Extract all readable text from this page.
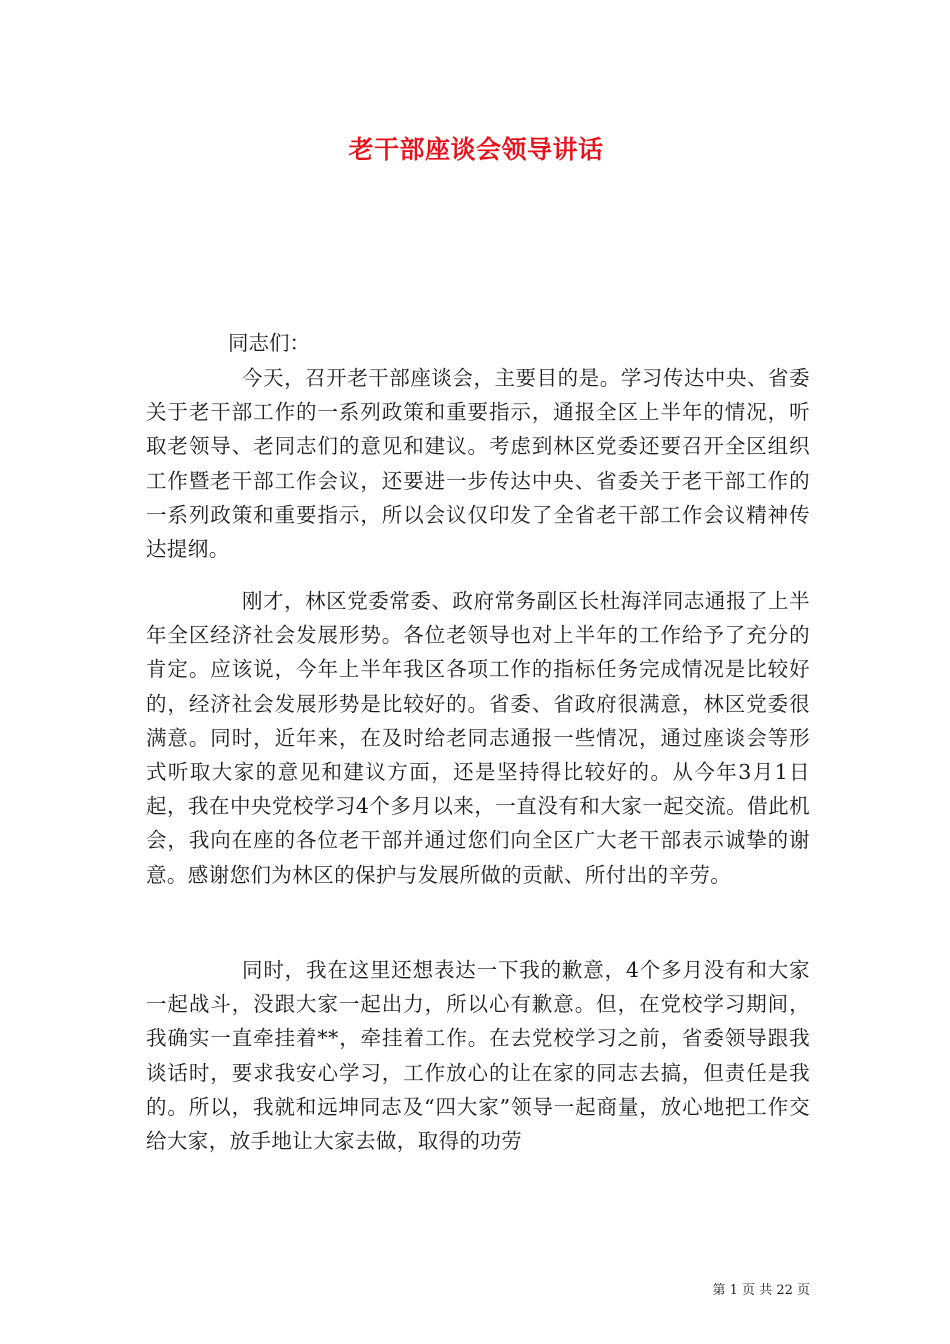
老干部座谈会领导讲话

同志们：

今天，召开老干部座谈会，主要目的是。学习传达中央、省委关于老干部工作的一系列政策和重要指示，通报全区上半年的情况，听取老领导、老同志们的意见和建议。考虑到林区党委还要召开全区组织工作暨老干部工作会议，还要进一步传达中央、省委关于老干部工作的一系列政策和重要指示，所以会议仅印发了全省老干部工作会议精神传达提纲。

刚才，林区党委常委、政府常务副区长杜海洋同志通报了上半年全区经济社会发展形势。各位老领导也对上半年的工作给予了充分的肯定。应该说，今年上半年我区各项工作的指标任务完成情况是比较好的，经济社会发展形势是比较好的。省委、省政府很满意，林区党委很满意。同时，近年来，在及时给老同志通报一些情况，通过座谈会等形式听取大家的意见和建议方面，还是坚持得比较好的。从今年3月1日起，我在中央党校学习4个多月以来，一直没有和大家一起交流。借此机会，我向在座的各位老干部并通过您们向全区广大老干部表示诚挚的谢意。感谢您们为林区的保护与发展所做的贡献、所付出的辛劳。

同时，我在这里还想表达一下我的歉意，4个多月没有和大家一起战斗，没跟大家一起出力，所以心有歉意。但，在党校学习期间，我确实一直牵挂着**，牵挂着工作。在去党校学习之前，省委领导跟我谈话时，要求我安心学习，工作放心的让在家的同志去搞，但责任是我的。所以，我就和远坤同志及“四大家”领导一起商量，放心地把工作交给大家，放手地让大家去做，取得的功劳

第 1 页 共 22 页
